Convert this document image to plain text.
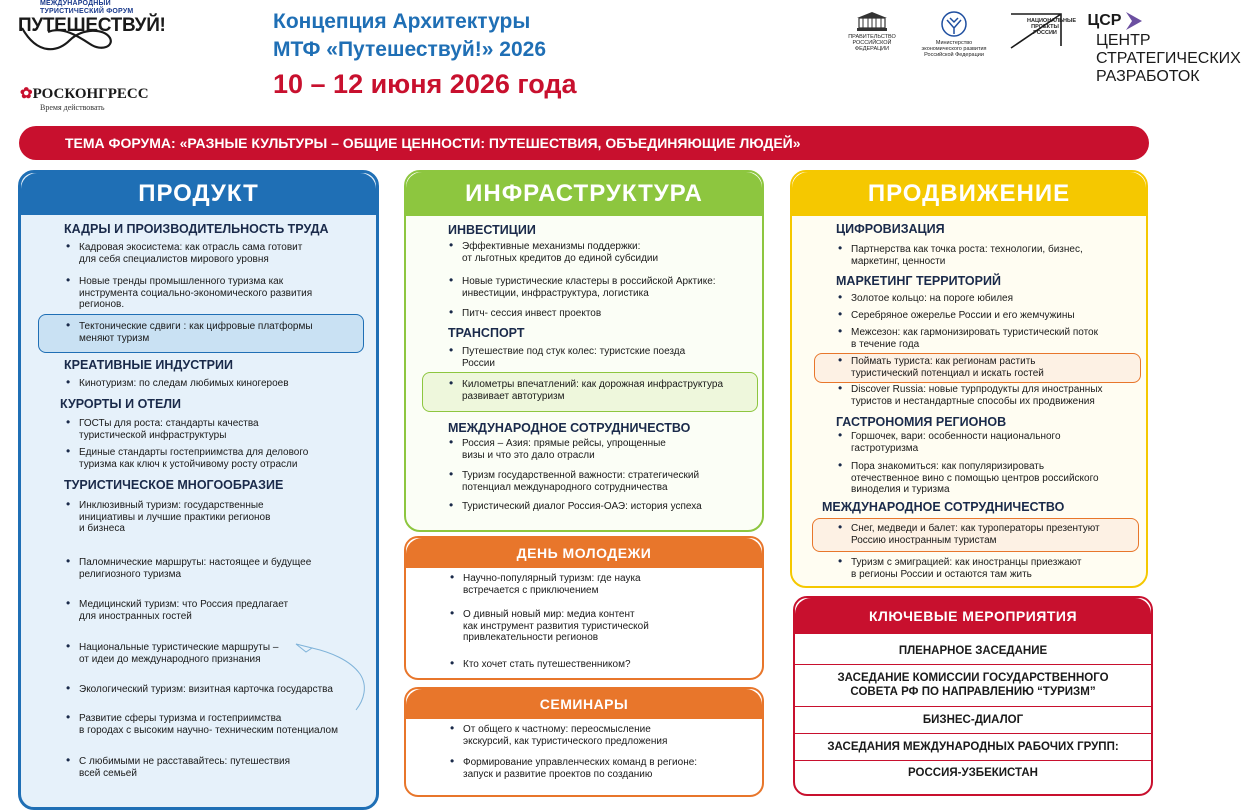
МЕЖДУНАРОДНЫЙ ТУРИСТИЧЕСКИЙ ФОРУМ
ПУТЕШЕСТВУЙ!
✿РОСКОНГРЕСС
Время действовать
Концепция Архитектуры
МТФ «Путешествуй!» 2026
10 – 12 июня 2026 года
ПРАВИТЕЛЬСТВО РОССИЙСКОЙ ФЕДЕРАЦИИ
Министерство экономического развития Российской Федерации
НАЦИОНАЛЬНЫЕ ПРОЕКТЫ РОССИИ
ЦСР
ЦЕНТР СТРАТЕГИЧЕСКИХ РАЗРАБОТОК
ТЕМА ФОРУМА: «РАЗНЫЕ КУЛЬТУРЫ – ОБЩИЕ ЦЕННОСТИ: ПУТЕШЕСТВИЯ, ОБЪЕДИНЯЮЩИЕ ЛЮДЕЙ»
ПРОДУКТ
КАДРЫ И ПРОИЗВОДИТЕЛЬНОСТЬ ТРУДА
• Кадровая экосистема: как отрасль сама готовит
для себя специалистов мирового уровня
• Новые тренды промышленного туризма как
инструмента социально-экономического развития
регионов.
• Тектонические сдвиги : как цифровые платформы
меняют туризм
КРЕАТИВНЫЕ ИНДУСТРИИ
• Кинотуризм: по следам любимых киногероев
КУРОРТЫ И ОТЕЛИ
• ГОСТы для роста: стандарты качества
туристической инфраструктуры
• Единые стандарты гостеприимства для делового
туризма как ключ к устойчивому росту отрасли
ТУРИСТИЧЕСКОЕ МНОГООБРАЗИЕ
• Инклюзивный туризм: государственные
инициативы и лучшие практики регионов
и бизнеса
• Паломнические маршруты: настоящее и будущее
религиозного туризма
• Медицинский туризм: что Россия предлагает
для иностранных гостей
• Национальные туристические маршруты –
от идеи до международного признания
• Экологический туризм: визитная карточка государства
• Развитие сферы туризма и гостеприимства
в городах с высоким научно- техническим потенциалом
• С любимыми не расставайтесь: путешествия
всей семьей
ИНФРАСТРУКТУРА
ИНВЕСТИЦИИ
• Эффективные механизмы поддержки:
от льготных кредитов до единой субсидии
• Новые туристические кластеры в российской Арктике:
инвестиции, инфраструктура, логистика
• Питч- сессия инвест проектов
ТРАНСПОРТ
• Путешествие под стук колес: туристские поезда
России
• Километры впечатлений: как дорожная инфраструктура
развивает автотуризм
МЕЖДУНАРОДНОЕ СОТРУДНИЧЕСТВО
• Россия – Азия: прямые рейсы, упрощенные
визы и что это дало отрасли
• Туризм государственной важности: стратегический
потенциал международного сотрудничества
• Туристический диалог Россия-ОАЭ: история успеха
ДЕНЬ МОЛОДЕЖИ
• Научно-популярный туризм: где наука
встречается с приключением
• О дивный новый мир: медиа контент
как инструмент развития туристической
привлекательности регионов
• Кто хочет стать путешественником?
СЕМИНАРЫ
• От общего к частному: переосмысление
экскурсий, как туристического предложения
• Формирование управленческих команд в регионе:
запуск и развитие проектов по созданию
ПРОДВИЖЕНИЕ
ЦИФРОВИЗАЦИЯ
• Партнерства как точка роста: технологии, бизнес,
маркетинг, ценности
МАРКЕТИНГ ТЕРРИТОРИЙ
• Золотое кольцо: на пороге юбилея
• Серебряное ожерелье России и его жемчужины
• Межсезон: как гармонизировать туристический поток
в течение года
• Поймать туриста: как регионам растить
туристический потенциал и искать гостей
• Discover Russia: новые турпродукты для иностранных
туристов и нестандартные способы их продвижения
ГАСТРОНОМИЯ РЕГИОНОВ
• Горшочек, вари: особенности национального
гастротуризма
• Пора знакомиться: как популяризировать
отечественное вино с помощью центров российского
виноделия и туризма
МЕЖДУНАРОДНОЕ СОТРУДНИЧЕСТВО
• Снег, медведи и балет: как туроператоры презентуют
Россию иностранным туристам
• Туризм с эмиграцией: как иностранцы приезжают
в регионы России и остаются там жить
КЛЮЧЕВЫЕ МЕРОПРИЯТИЯ
ПЛЕНАРНОЕ ЗАСЕДАНИЕ
ЗАСЕДАНИЕ КОМИССИИ ГОСУДАРСТВЕННОГО
СОВЕТА РФ ПО НАПРАВЛЕНИЮ “ТУРИЗМ”
БИЗНЕС-ДИАЛОГ
ЗАСЕДАНИЯ МЕЖДУНАРОДНЫХ РАБОЧИХ ГРУПП:
РОССИЯ-УЗБЕКИСТАН
